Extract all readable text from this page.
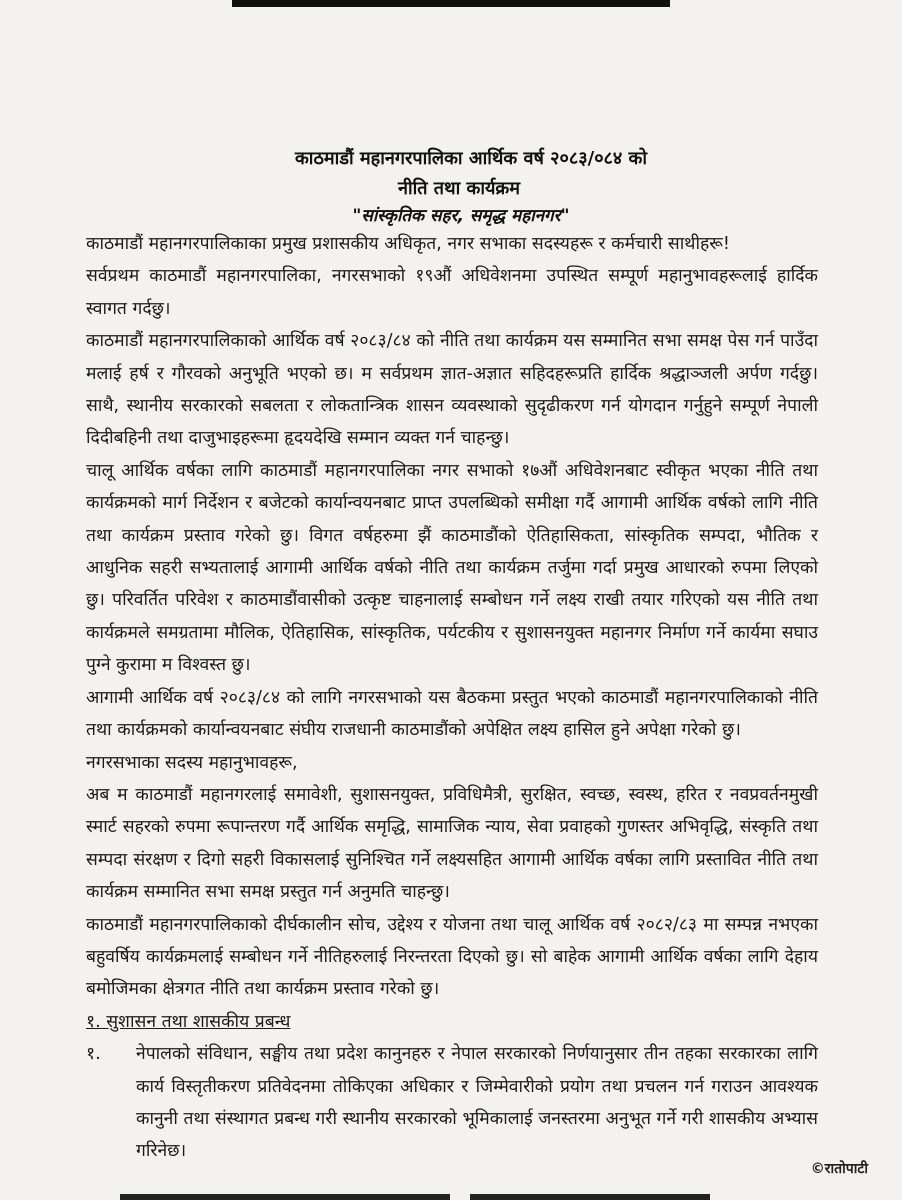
काठमाडौं महानगरपालिका आर्थिक वर्ष २०८३/०८४ को
नीति तथा कार्यक्रम
"सांस्कृतिक सहर, समृद्ध महानगर"

काठमाडौं महानगरपालिकाका प्रमुख प्रशासकीय अधिकृत, नगर सभाका सदस्यहरू र कर्मचारी साथीहरू!

सर्वप्रथम काठमाडौं महानगरपालिका, नगरसभाको १९औं अधिवेशनमा उपस्थित सम्पूर्ण महानुभावहरूलाई हार्दिक स्वागत गर्दछु।

काठमाडौं महानगरपालिकाको आर्थिक वर्ष २०८३/८४ को नीति तथा कार्यक्रम यस सम्मानित सभा समक्ष पेस गर्न पाउँदा मलाई हर्ष र गौरवको अनुभूति भएको छ। म सर्वप्रथम ज्ञात-अज्ञात सहिदहरूप्रति हार्दिक श्रद्धाञ्जली अर्पण गर्दछु। साथै, स्थानीय सरकारको सबलता र लोकतान्त्रिक शासन व्यवस्थाको सुदृढीकरण गर्न योगदान गर्नुहुने सम्पूर्ण नेपाली दिदीबहिनी तथा दाजुभाइहरूमा हृदयदेखि सम्मान व्यक्त गर्न चाहन्छु।

चालू आर्थिक वर्षका लागि काठमाडौं महानगरपालिका नगर सभाको १७औं अधिवेशनबाट स्वीकृत भएका नीति तथा कार्यक्रमको मार्ग निर्देशन र बजेटको कार्यान्वयनबाट प्राप्त उपलब्धिको समीक्षा गर्दै आगामी आर्थिक वर्षको लागि नीति तथा कार्यक्रम प्रस्ताव गरेको छु। विगत वर्षहरुमा झैं काठमाडौंको ऐतिहासिकता, सांस्कृतिक सम्पदा, भौतिक र आधुनिक सहरी सभ्यतालाई आगामी आर्थिक वर्षको नीति तथा कार्यक्रम तर्जुमा गर्दा प्रमुख आधारको रुपमा लिएको छु। परिवर्तित परिवेश र काठमाडौंवासीको उत्कृष्ट चाहनालाई सम्बोधन गर्ने लक्ष्य राखी तयार गरिएको यस नीति तथा कार्यक्रमले समग्रतामा मौलिक, ऐतिहासिक, सांस्कृतिक, पर्यटकीय र सुशासनयुक्त महानगर निर्माण गर्ने कार्यमा सघाउ पुग्ने कुरामा म विश्वस्त छु।

आगामी आर्थिक वर्ष २०८३/८४ को लागि नगरसभाको यस बैठकमा प्रस्तुत भएको काठमाडौं महानगरपालिकाको नीति तथा कार्यक्रमको कार्यान्वयनबाट संघीय राजधानी काठमाडौंको अपेक्षित लक्ष्य हासिल हुने अपेक्षा गरेको छु।

नगरसभाका सदस्य महानुभावहरू,

अब म काठमाडौं महानगरलाई समावेशी, सुशासनयुक्त, प्रविधिमैत्री, सुरक्षित, स्वच्छ, स्वस्थ, हरित र नवप्रवर्तनमुखी स्मार्ट सहरको रुपमा रूपान्तरण गर्दै आर्थिक समृद्धि, सामाजिक न्याय, सेवा प्रवाहको गुणस्तर अभिवृद्धि, संस्कृति तथा सम्पदा संरक्षण र दिगो सहरी विकासलाई सुनिश्चित गर्ने लक्ष्यसहित आगामी आर्थिक वर्षका लागि प्रस्तावित नीति तथा कार्यक्रम सम्मानित सभा समक्ष प्रस्तुत गर्न अनुमति चाहन्छु।

काठमाडौं महानगरपालिकाको दीर्घकालीन सोच, उद्देश्य र योजना तथा चालू आर्थिक वर्ष २०८२/८३ मा सम्पन्न नभएका बहुवर्षिय कार्यक्रमलाई सम्बोधन गर्ने नीतिहरुलाई निरन्तरता दिएको छु। सो बाहेक आगामी आर्थिक वर्षका लागि देहाय बमोजिमका क्षेत्रगत नीति तथा कार्यक्रम प्रस्ताव गरेको छु।

१. सुशासन तथा शासकीय प्रबन्ध

१. नेपालको संविधान, सङ्घीय तथा प्रदेश कानुनहरु र नेपाल सरकारको निर्णयानुसार तीन तहका सरकारका लागि कार्य विस्तृतीकरण प्रतिवेदनमा तोकिएका अधिकार र जिम्मेवारीको प्रयोग तथा प्रचलन गर्न गराउन आवश्यक कानुनी तथा संस्थागत प्रबन्ध गरी स्थानीय सरकारको भूमिकालाई जनस्तरमा अनुभूत गर्ने गरी शासकीय अभ्यास गरिनेछ।
©रातोपाटी
